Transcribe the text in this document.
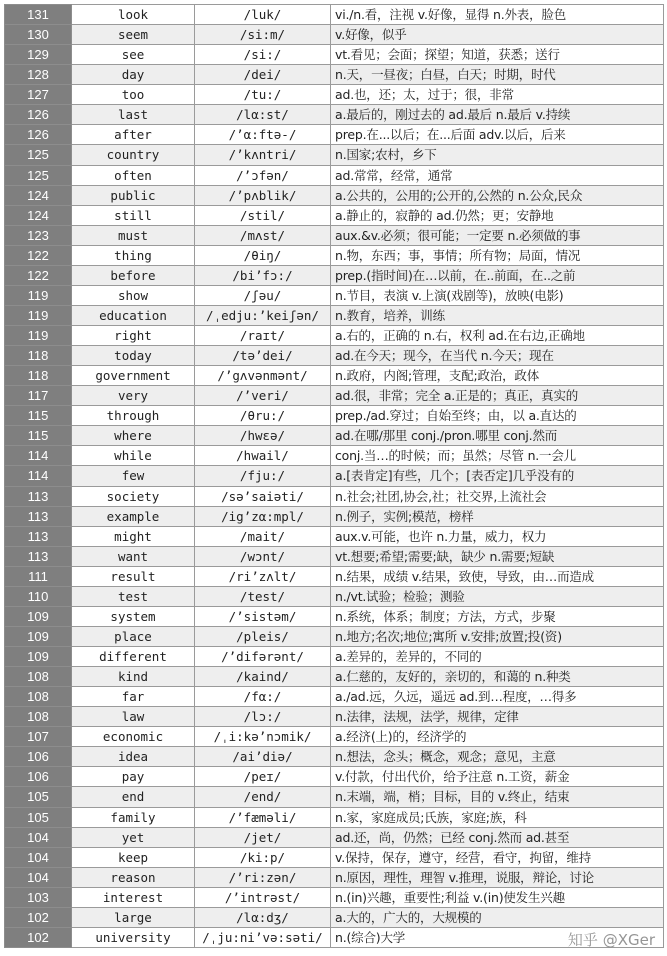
131	look	/luk/	vi./n.看，注视 v.好像，显得 n.外表，脸色
130	seem	/si:m/	v.好像，似乎
129	see	/si:/	vt.看见；会面；探望；知道，获悉；送行
128	day	/dei/	n.天，一昼夜；白昼，白天；时期，时代
127	too	/tu:/	ad.也，还；太，过于；很，非常
126	last	/lα:st/	a.最后的，刚过去的 ad.最后 n.最后 v.持续
126	after	/’α:ftə-/	prep.在...以后；在...后面 adv.以后，后来
125	country	/’kʌntri/	n.国家;农村，乡下
125	often	/’ɔfən/	ad.常常，经常，通常
124	public	/’pʌblik/	a.公共的，公用的;公开的,公然的 n.公众,民众
124	still	/stil/	a.静止的，寂静的 ad.仍然；更；安静地
123	must	/mʌst/	aux.&v.必须；很可能；一定要 n.必须做的事
122	thing	/θiŋ/	n.物，东西；事，事情；所有物；局面，情况
122	before	/bi’fɔ:/	prep.(指时间)在…以前，在..前面，在..之前
119	show	/ʃəu/	n.节目，表演 v.上演(戏剧等)，放映(电影)
119	education	/ˌedju:’keiʃən/	n.教育，培养，训练
119	right	/raɪt/	a.右的，正确的 n.右，权利 ad.在右边,正确地
118	today	/tə’dei/	ad.在今天；现今，在当代 n.今天；现在
118	government	/’gʌvənmənt/	n.政府，内阁;管理，支配;政治，政体
117	very	/’veri/	ad.很，非常；完全 a.正是的；真正，真实的
115	through	/θru:/	prep./ad.穿过；自始至终；由，以 a.直达的
115	where	/hwεə/	ad.在哪/那里 conj./pron.哪里 conj.然而
114	while	/hwail/	conj.当…的时候；而；虽然；尽管 n.一会儿
114	few	/fju:/	a.[表肯定]有些，几个；[表否定]几乎没有的
113	society	/sə’saiəti/	n.社会;社团,协会,社；社交界,上流社会
113	example	/ig’zα:mpl/	n.例子，实例;模范，榜样
113	might	/mait/	aux.v.可能，也许 n.力量，威力，权力
113	want	/wɔnt/	vt.想要;希望;需要;缺，缺少 n.需要;短缺
111	result	/ri’zʌlt/	n.结果，成绩 v.结果，致使，导致，由…而造成
110	test	/test/	n./vt.试验；检验；测验
109	system	/’sistəm/	n.系统，体系；制度；方法，方式，步聚
109	place	/pleis/	n.地方;名次;地位;寓所 v.安排;放置;投(资)
109	different	/’difərənt/	a.差异的，差异的，不同的
108	kind	/kaind/	a.仁慈的，友好的，亲切的，和蔼的 n.种类
108	far	/fα:/	a./ad.远，久远，遥远 ad.到…程度，…得多
108	law	/lɔ:/	n.法律，法规，法学，规律，定律
107	economic	/ˌi:kə’nɔmik/	a.经济(上)的，经济学的
106	idea	/ai’diə/	n.想法，念头；概念，观念；意见，主意
106	pay	/peɪ/	v.付款，付出代价，给予注意 n.工资，薪金
105	end	/end/	n.末端，端，梢；目标，目的 v.终止，结束
105	family	/’fæməli/	n.家，家庭成员;氏族，家庭;族，科
104	yet	/jet/	ad.还，尚，仍然；已经 conj.然而 ad.甚至
104	keep	/ki:p/	v.保持，保存，遵守，经营，看守，拘留，维持
104	reason	/’ri:zən/	n.原因，理性，理智 v.推理，说服，辩论，讨论
103	interest	/’intrəst/	n.(in)兴趣，重要性;利益 v.(in)使发生兴趣
102	large	/lα:dʒ/	a.大的，广大的，大规模的
102	university	/ˌju:ni’və:səti/	n.(综合)大学	知乎 @XGer
